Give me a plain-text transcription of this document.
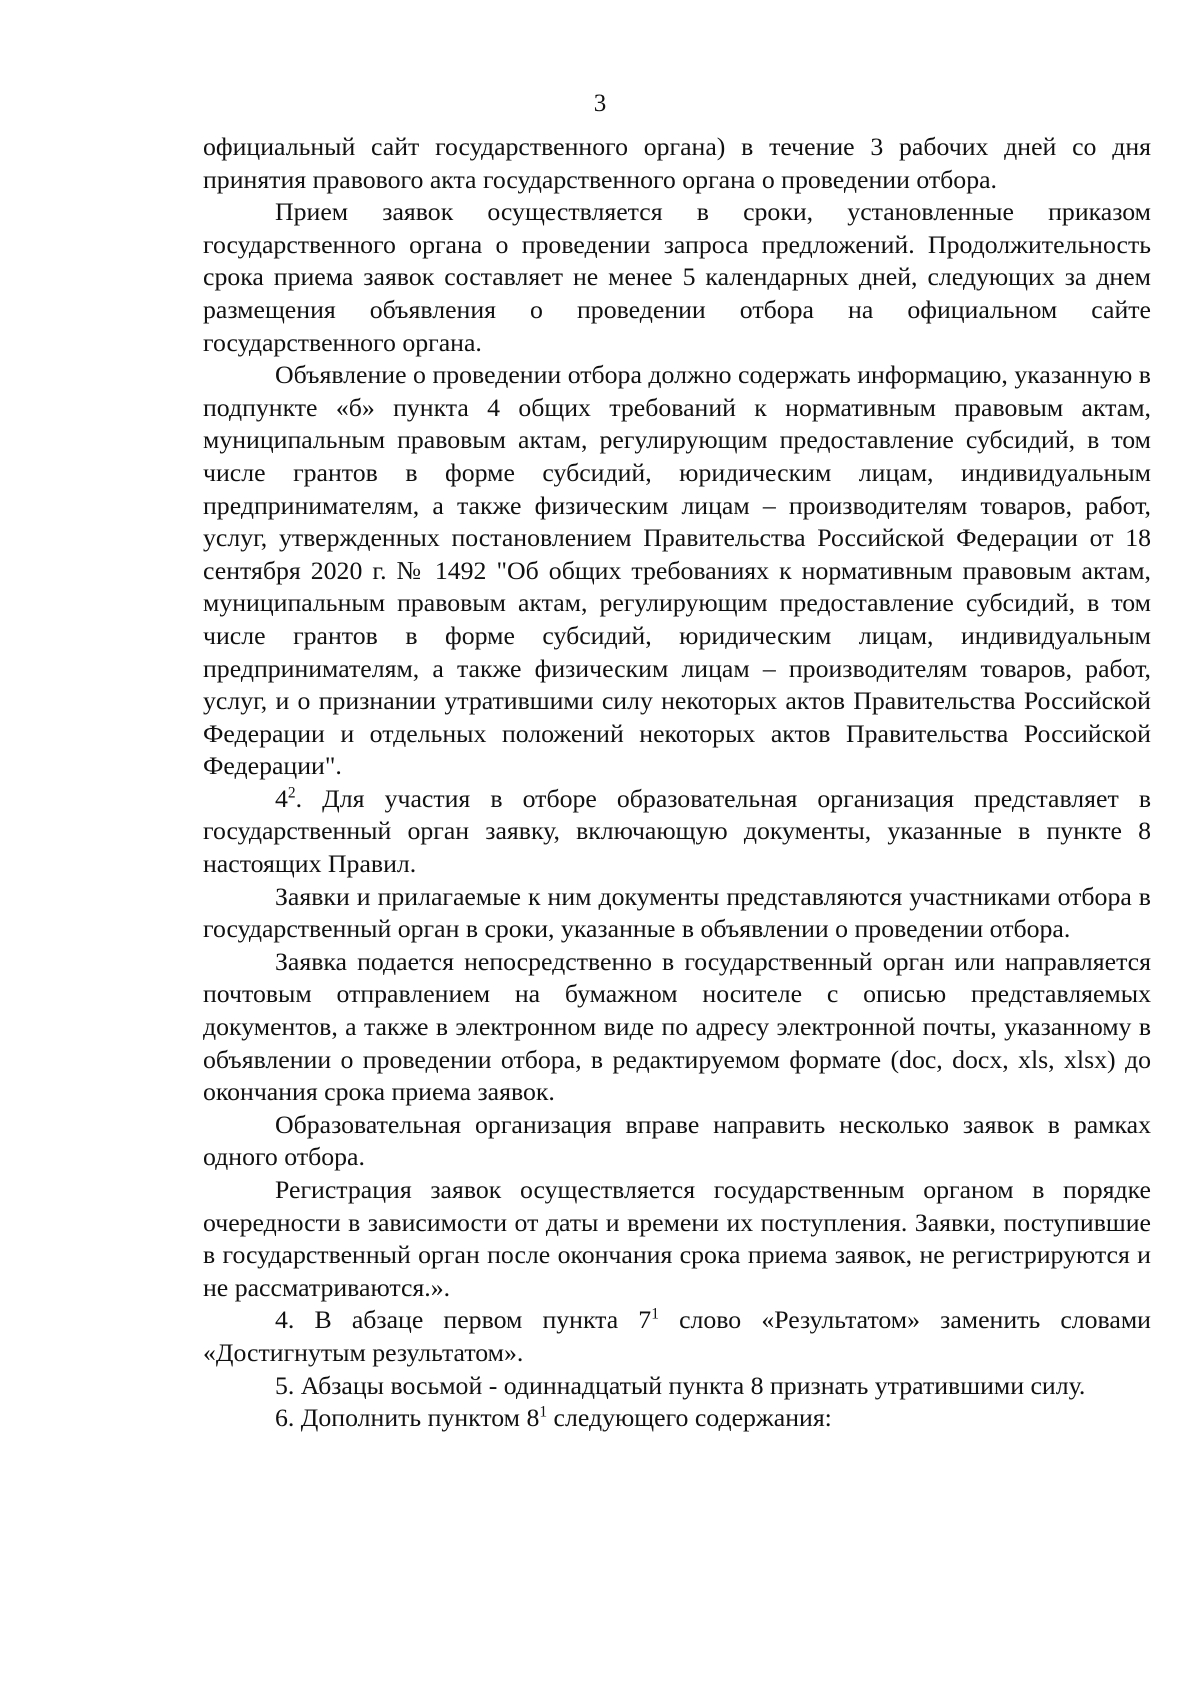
3

официальный сайт государственного органа) в течение 3 рабочих дней со дня принятия правового акта государственного органа о проведении отбора.

Прием заявок осуществляется в сроки, установленные приказом государственного органа о проведении запроса предложений. Продолжительность срока приема заявок составляет не менее 5 календарных дней, следующих за днем размещения объявления о проведении отбора на официальном сайте государственного органа.

Объявление о проведении отбора должно содержать информацию, указанную в подпункте «б» пункта 4 общих требований к нормативным правовым актам, муниципальным правовым актам, регулирующим предоставление субсидий, в том числе грантов в форме субсидий, юридическим лицам, индивидуальным предпринимателям, а также физическим лицам – производителям товаров, работ, услуг, утвержденных постановлением Правительства Российской Федерации от 18 сентября 2020 г. № 1492 "Об общих требованиях к нормативным правовым актам, муниципальным правовым актам, регулирующим предоставление субсидий, в том числе грантов в форме субсидий, юридическим лицам, индивидуальным предпринимателям, а также физическим лицам – производителям товаров, работ, услуг, и о признании утратившими силу некоторых актов Правительства Российской Федерации и отдельных положений некоторых актов Правительства Российской Федерации".

$4^2$. Для участия в отборе образовательная организация представляет в государственный орган заявку, включающую документы, указанные в пункте 8 настоящих Правил.

Заявки и прилагаемые к ним документы представляются участниками отбора в государственный орган в сроки, указанные в объявлении о проведении отбора.

Заявка подается непосредственно в государственный орган или направляется почтовым отправлением на бумажном носителе с описью представляемых документов, а также в электронном виде по адресу электронной почты, указанному в объявлении о проведении отбора, в редактируемом формате (doc, docx, xls, xlsx) до окончания срока приема заявок.

Образовательная организация вправе направить несколько заявок в рамках одного отбора.

Регистрация заявок осуществляется государственным органом в порядке очередности в зависимости от даты и времени их поступления. Заявки, поступившие в государственный орган после окончания срока приема заявок, не регистрируются и не рассматриваются.».

4. В абзаце первом пункта $7^1$ слово «Результатом» заменить словами «Достигнутым результатом».

5. Абзацы восьмой - одиннадцатый пункта 8 признать утратившими силу.

6. Дополнить пунктом $8^1$ следующего содержания:
